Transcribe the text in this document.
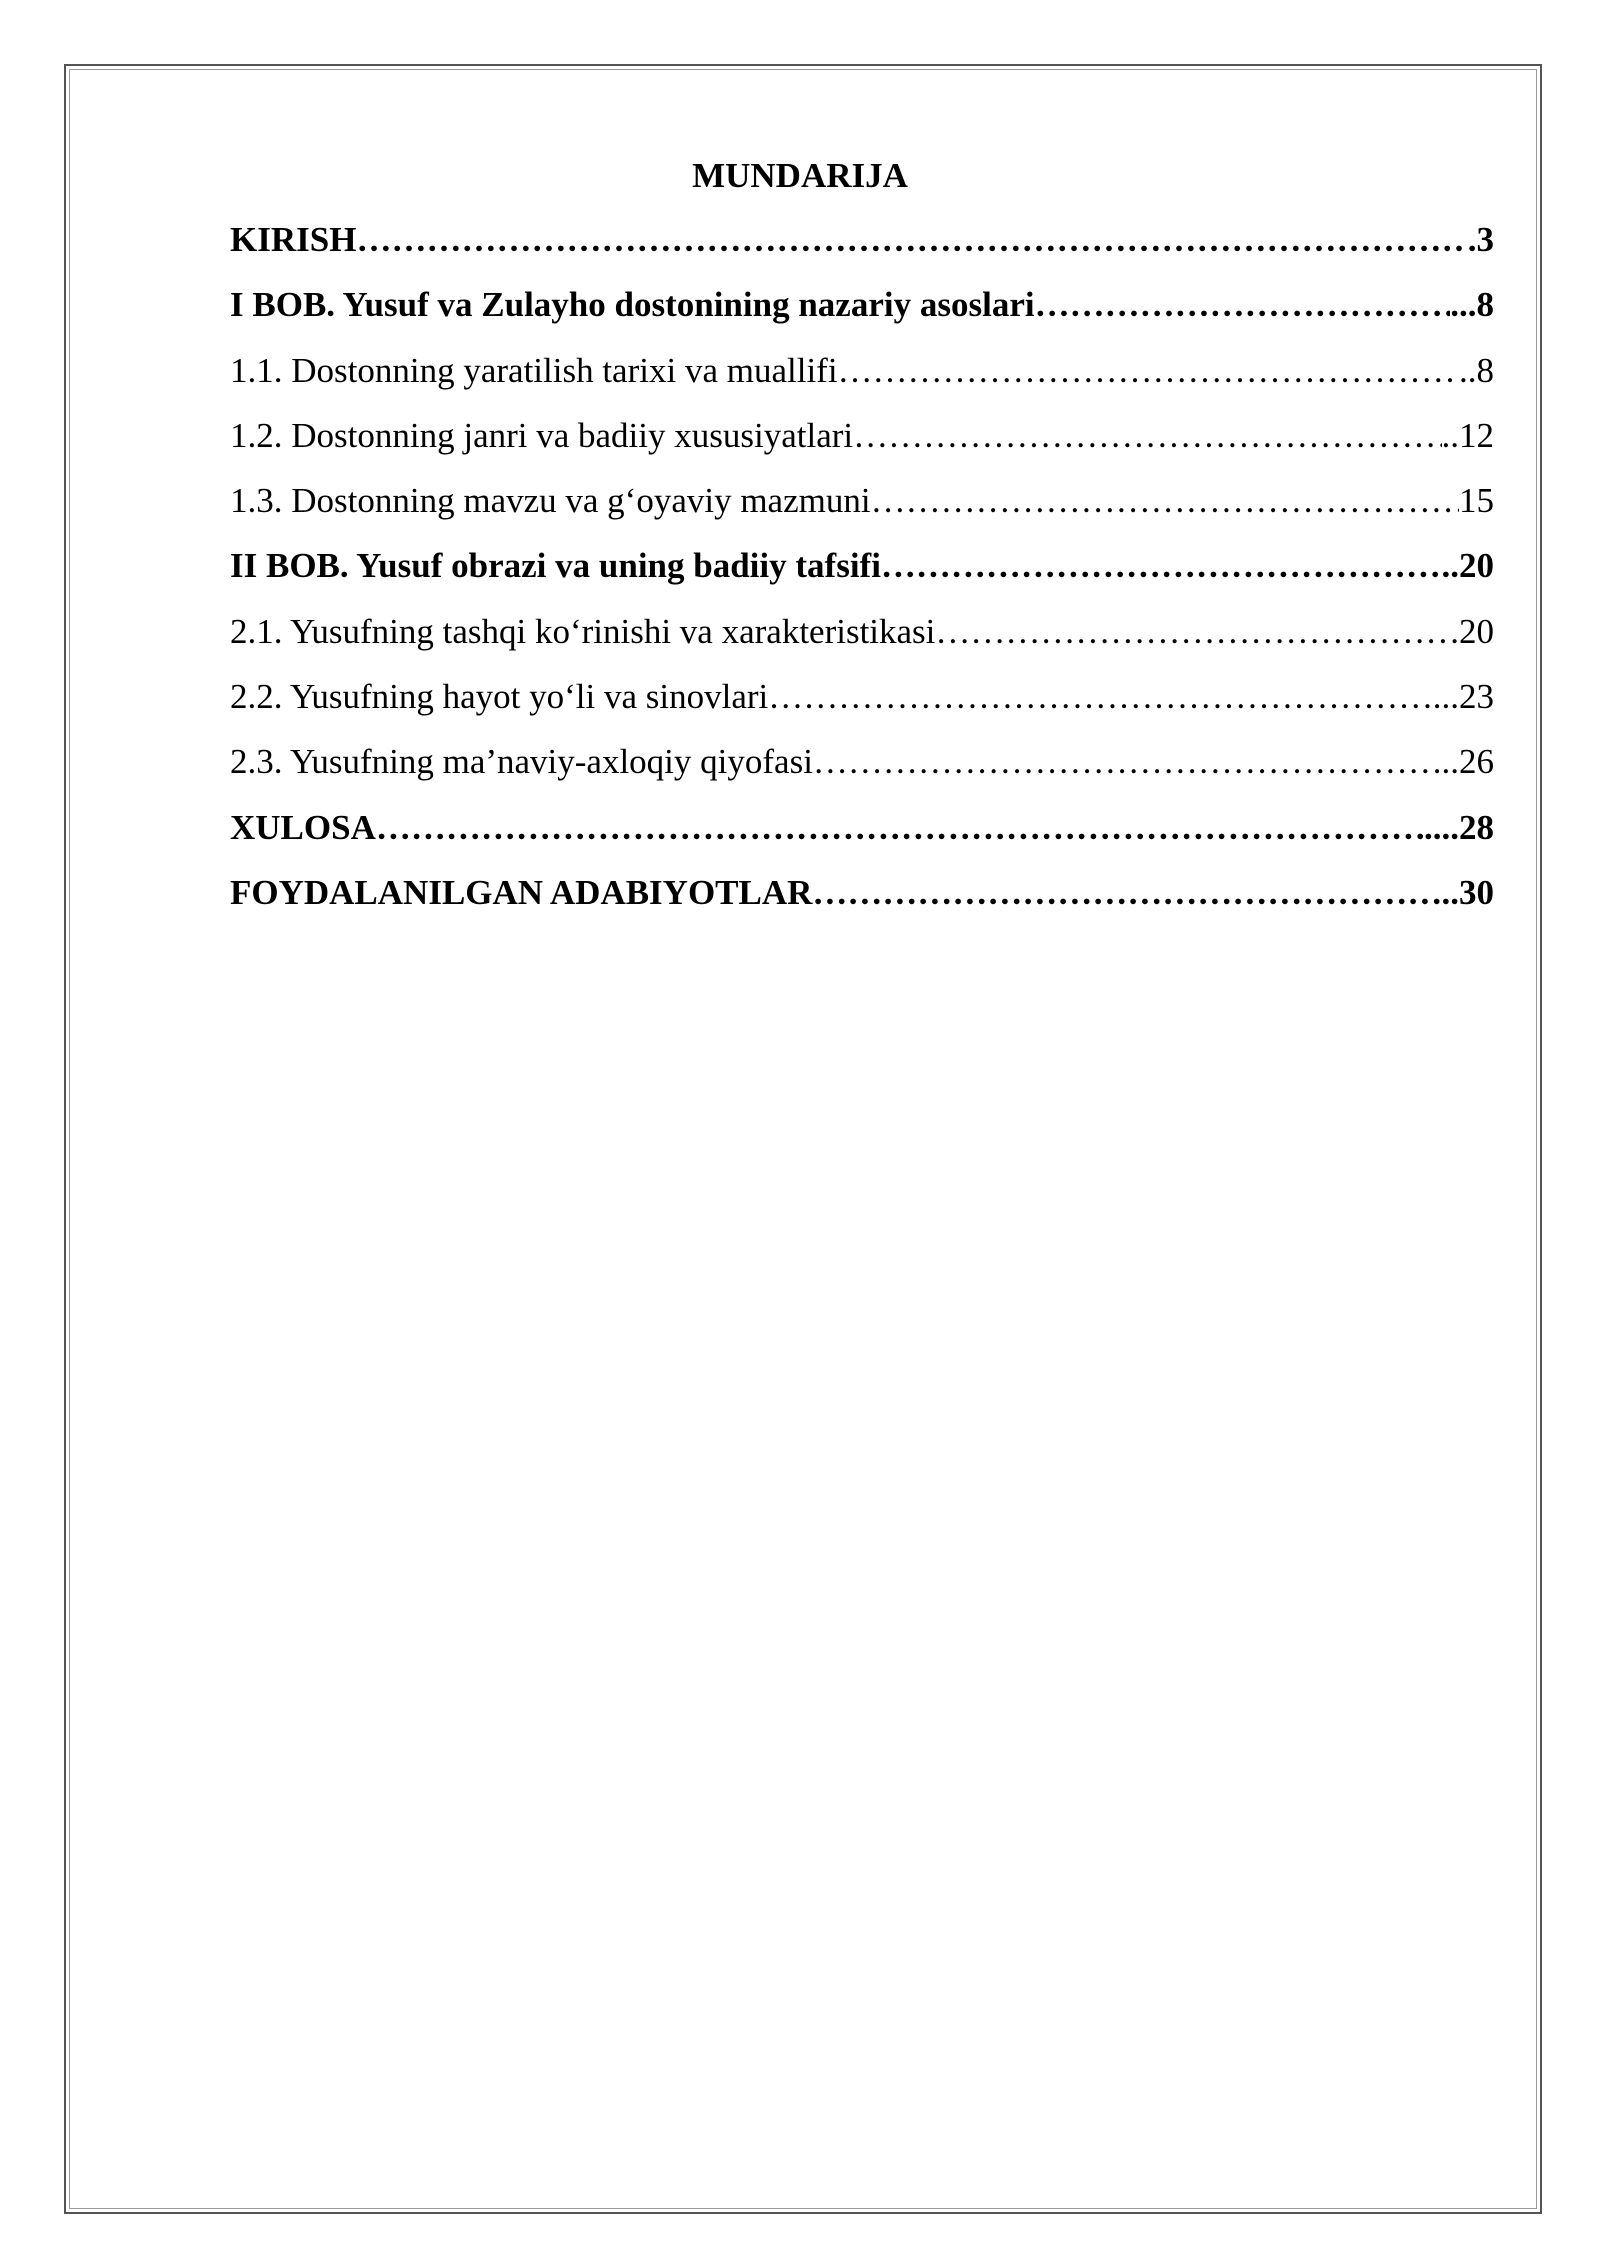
MUNDARIJA
KIRISH ………………………………………………………………………………………………………………………………………………………………………………	.3
I BOB. Yusuf va Zulayho dostonining nazariy asoslari ………………………………………………………………………………………………………………………………………………………………………………	...8
1.1. Dostonning yaratilish tarixi va muallifi ………………………………………………………………………………………………………………………………………………………………………………	..8
1.2. Dostonning janri va badiiy xususiyatlari ………………………………………………………………………………………………………………………………………………………………………………	..12
1.3. Dostonning mavzu va g‘oyaviy mazmuni ………………………………………………………………………………………………………………………………………………………………………………	15
II BOB. Yusuf obrazi va uning badiiy tafsifi ………………………………………………………………………………………………………………………………………………………………………………	..20
2.1. Yusufning tashqi ko‘rinishi va xarakteristikasi ………………………………………………………………………………………………………………………………………………………………………………	20
2.2. Yusufning hayot yo‘li va sinovlari ………………………………………………………………………………………………………………………………………………………………………………	...23
2.3. Yusufning ma’naviy-axloqiy qiyofasi ………………………………………………………………………………………………………………………………………………………………………………	..26
XULOSA ………………………………………………………………………………………………………………………………………………………………………………	....28
FOYDALANILGAN ADABIYOTLAR ………………………………………………………………………………………………………………………………………………………………………………	..30
